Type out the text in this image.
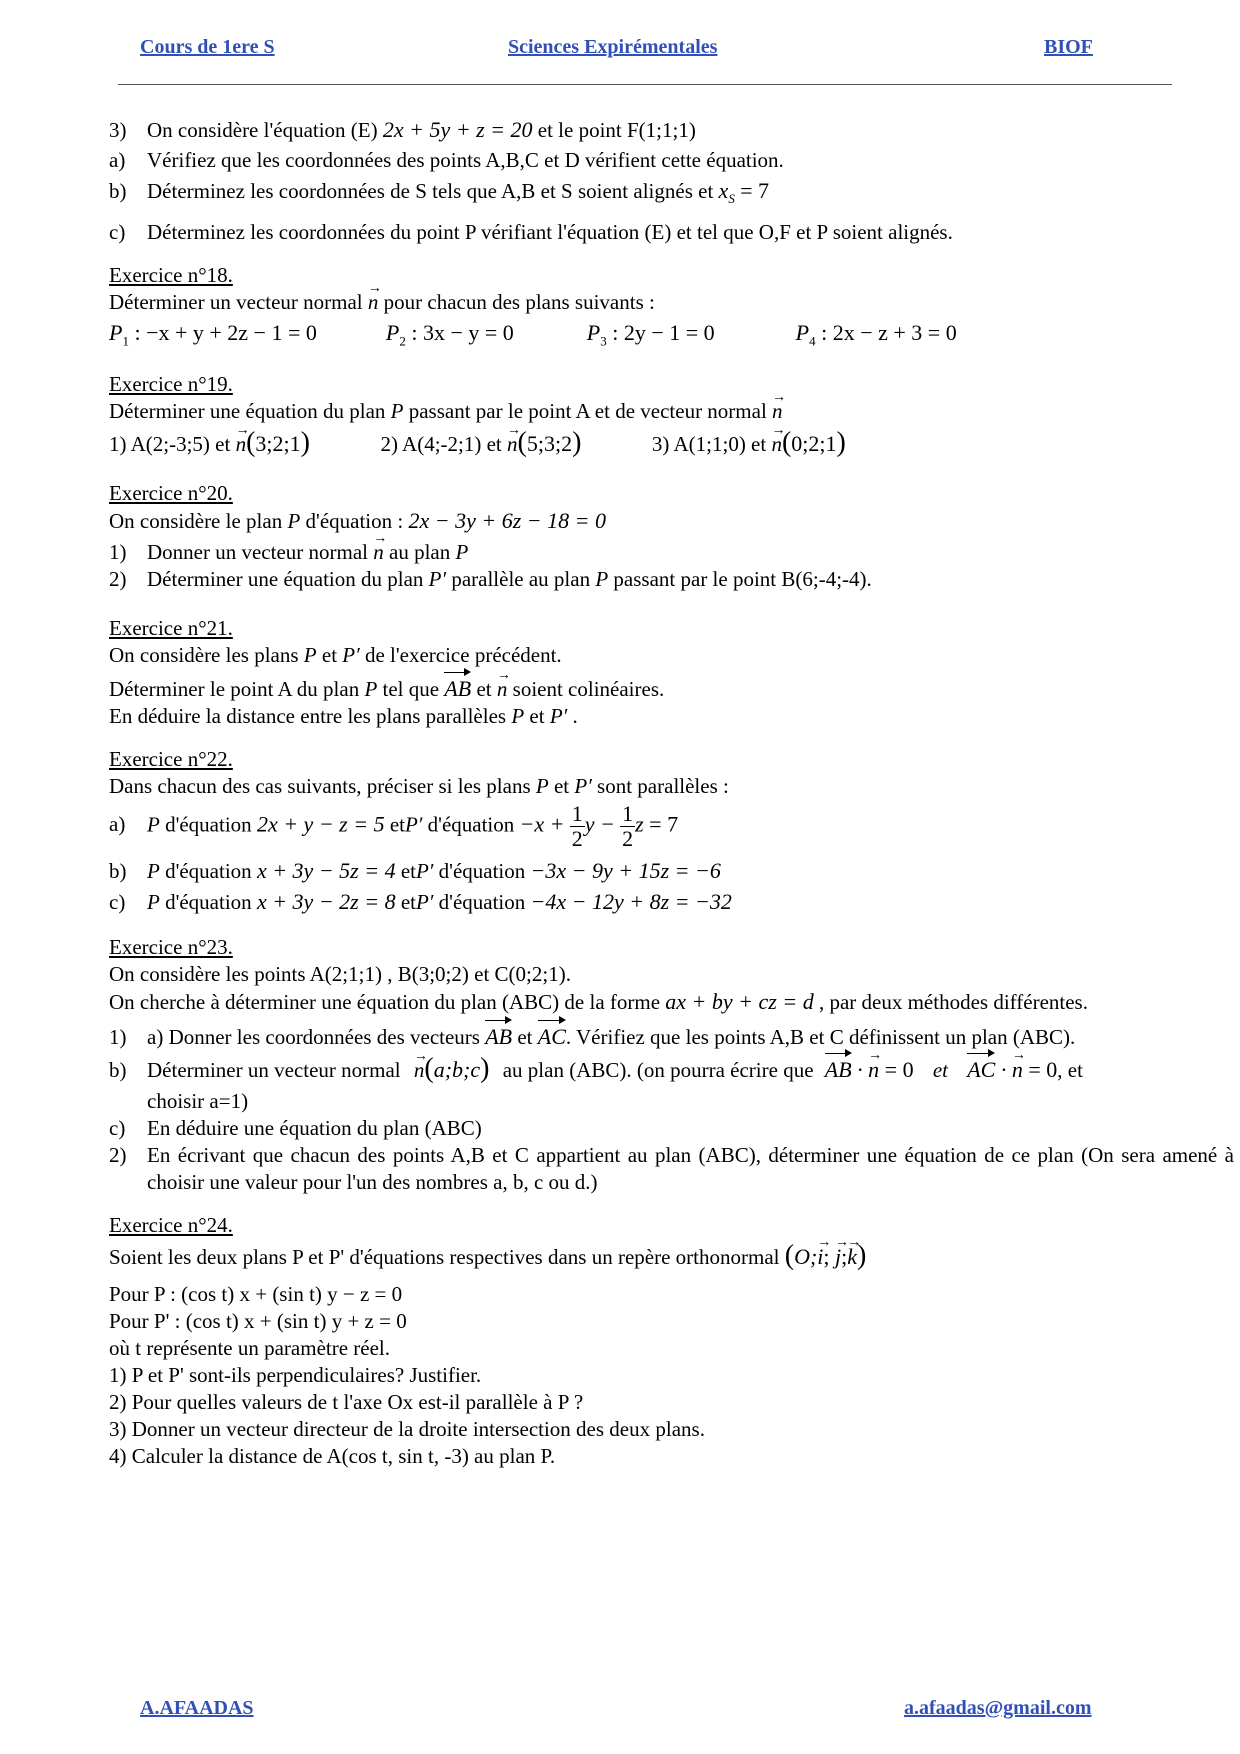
Cours de 1ere S	Sciences Expirémentales	BIOF
3) On considère l'équation (E) 2x + 5y + z = 20 et le point F(1;1;1)
a) Vérifiez que les coordonnées des points A,B,C et D vérifient cette équation.
b) Déterminez les coordonnées de S tels que A,B et S soient alignés et $x_S = 7$
c) Déterminez les coordonnées du point P vérifiant l'équation (E) et tel que O,F et P soient alignés.
Exercice n°18.
Déterminer un vecteur normal → n pour chacun des plans suivants :
$P_1$ : −x + y + 2z − 1 = 0	$P_2$ : 3x − y = 0	$P_3$ : 2y − 1 = 0	$P_4$ : 2x − z + 3 = 0
Exercice n°19.
Déterminer une équation du plan P passant par le point A et de vecteur normal → n
1) A(2;-3;5) et → n(3;2;1)	2) A(4;-2;1) et → n(5;3;2)	3) A(1;1;0) et → n(0;2;1)
Exercice n°20.
On considère le plan P d'équation : 2x − 3y + 6z − 18 = 0
1) Donner un vecteur normal → n au plan P
2) Déterminer une équation du plan P′ parallèle au plan P passant par le point B(6;-4;-4).
Exercice n°21.
On considère les plans P et P′ de l'exercice précédent.
Déterminer le point A du plan P tel que AB et → n soient colinéaires.
En déduire la distance entre les plans parallèles P et P′ .
Exercice n°22.
Dans chacun des cas suivants, préciser si les plans P et P′ sont parallèles :
a) P d'équation 2x + y − z = 5 etP′ d'équation $-x + \frac{1}{2}$ $y - \frac{1}{2}$ z = 7
b) P d'équation x + 3y − 5z = 4 etP′ d'équation −3x − 9y + 15z = −6
c) P d'équation x + 3y − 2z = 8 etP′ d'équation −4x − 12y + 8z = −32
Exercice n°23.
On considère les points A(2;1;1) , B(3;0;2) et C(0;2;1).
On cherche à déterminer une équation du plan (ABC) de la forme ax + by + cz = d , par deux méthodes différentes.
1) a) Donner les coordonnées des vecteurs AB et AC. Vérifiez que les points A,B et C définissent un plan (ABC).
b) Déterminer un vecteur normal → n(a;b;c) au plan (ABC). (on pourra écrire que AB · → n = 0 et AC · → n = 0, et
choisir a=1)
c) En déduire une équation du plan (ABC)
2) En écrivant que chacun des points A,B et C appartient au plan (ABC), déterminer une équation de ce plan (On sera amené à choisir une valeur pour l'un des nombres a, b, c ou d.)
Exercice n°24.
Soient les deux plans P et P' d'équations respectives dans un repère orthonormal (O;→ i; → j;→ k)
Pour P : (cos t) x + (sin t) y − z = 0
Pour P' : (cos t) x + (sin t) y + z = 0
où t représente un paramètre réel.
1) P et P' sont-ils perpendiculaires? Justifier.
2) Pour quelles valeurs de t l'axe Ox est-il parallèle à P ?
3) Donner un vecteur directeur de la droite intersection des deux plans.
4) Calculer la distance de A(cos t, sin t, -3) au plan P.
A.AFAADAS	a.afaadas@gmail.com
